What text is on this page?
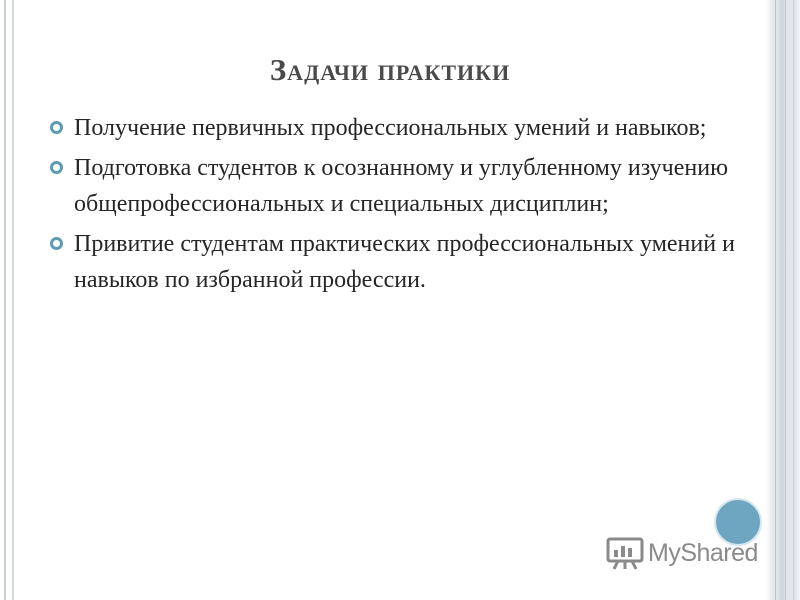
Задачи практики
Получение первичных профессиональных умений и навыков;
Подготовка студентов к осознанному и углубленному изучению общепрофессиональных и специальных дисциплин;
Привитие студентам практических профессиональных умений и навыков по избранной профессии.
MyShared
